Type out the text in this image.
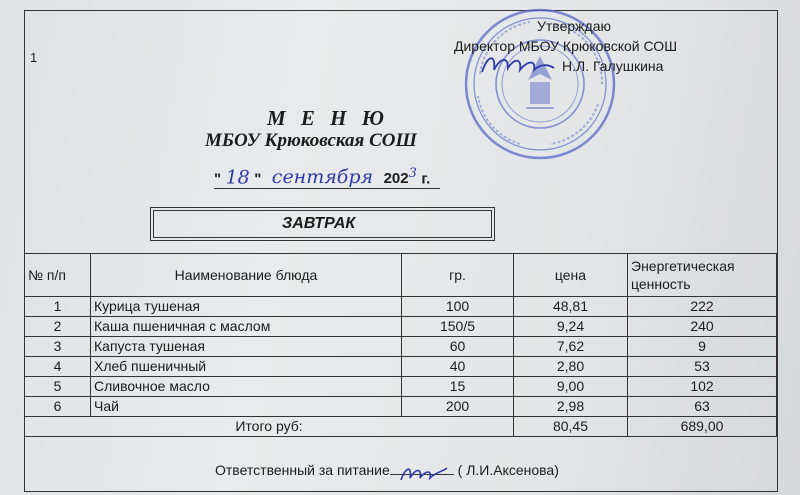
1
Утверждаю
Директор МБОУ Крюковской СОШ
Н.Л. Галушкина
М Е Н Ю
МБОУ Крюковская СОШ
" 18 " сентября $202^3$ г.
ЗАВТРАК
№ п/п	Наименование блюда	гр.	цена	Энергетическая ценность
1	Курица тушеная	100	48,81	222
2	Каша пшеничная с маслом	150/5	9,24	240
3	Капуста тушеная	60	7,62	9
4	Хлеб пшеничный	40	2,80	53
5	Сливочное масло	15	9,00	102
6	Чай	200	2,98	63
Итого руб:			80,45	689,00
Ответственный за питание	( Л.И.Аксенова)
